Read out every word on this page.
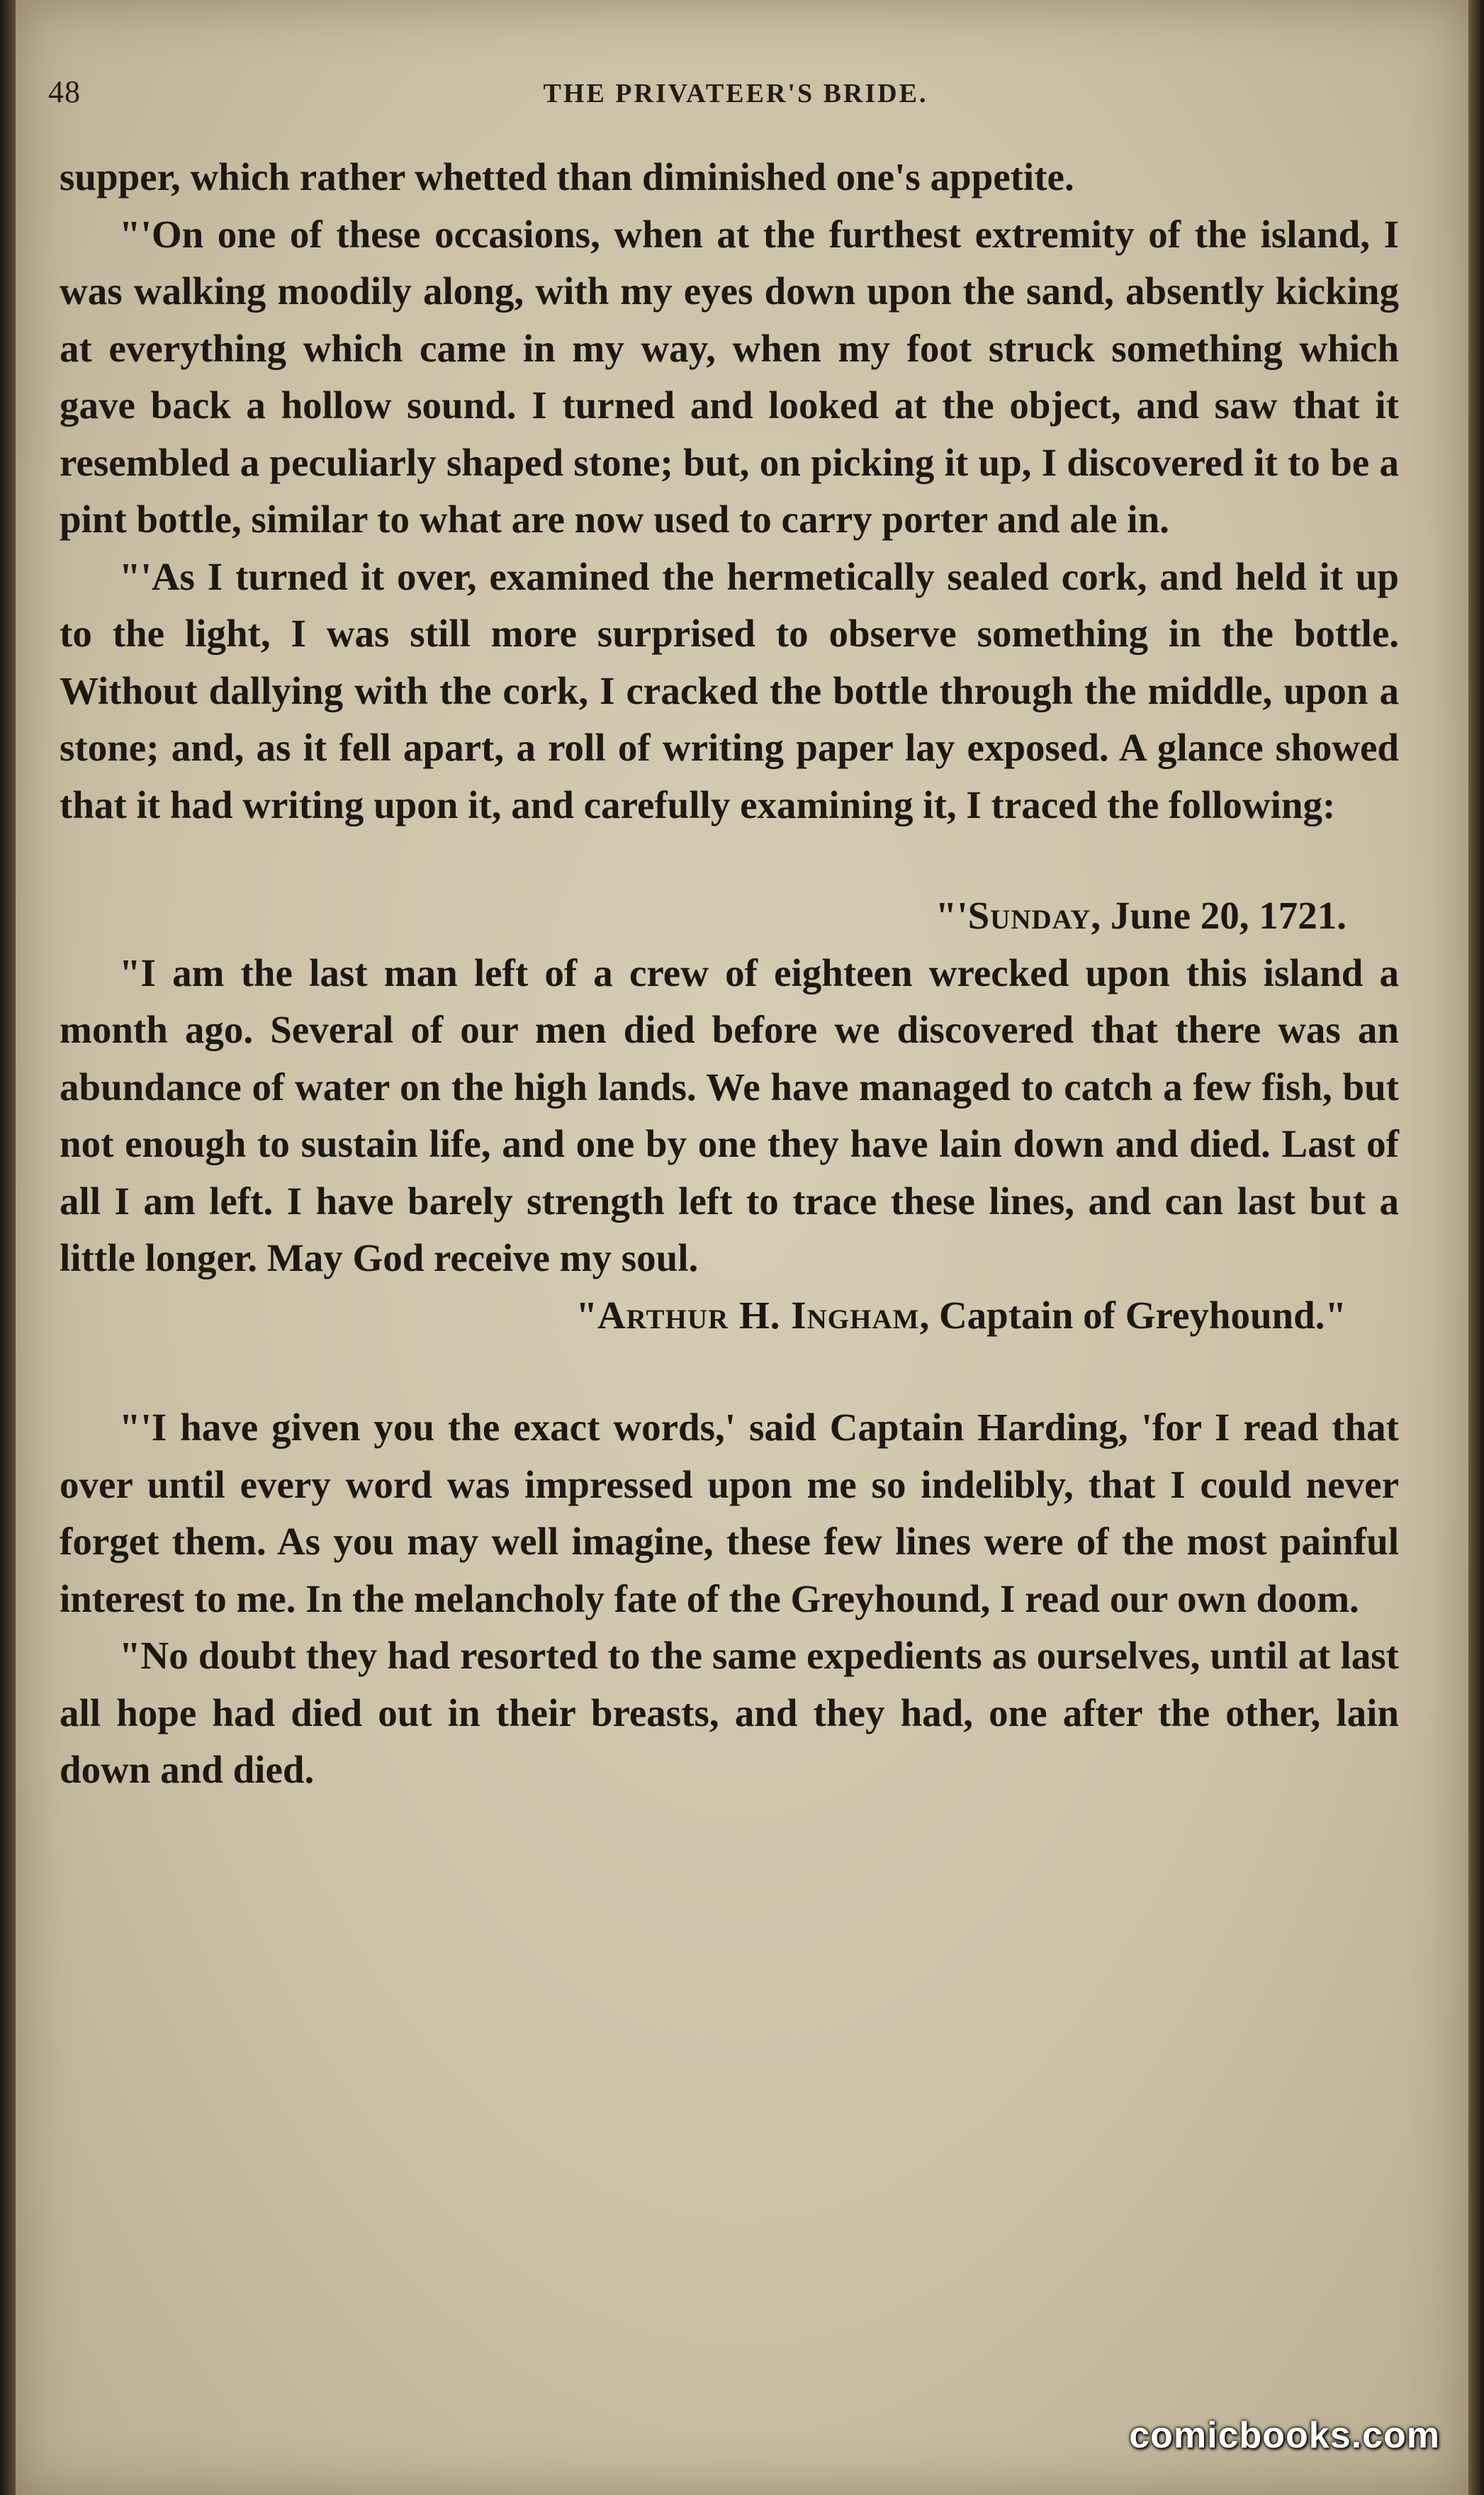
48	THE PRIVATEER'S BRIDE.

supper, which rather whetted than diminished one's appetite.

"'On one of these occasions, when at the furthest extremity of the island, I was walking moodily along, with my eyes down upon the sand, absently kicking at everything which came in my way, when my foot struck something which gave back a hollow sound. I turned and looked at the object, and saw that it resembled a peculiarly shaped stone; but, on picking it up, I discovered it to be a pint bottle, similar to what are now used to carry porter and ale in.

"'As I turned it over, examined the hermetically sealed cork, and held it up to the light, I was still more surprised to observe something in the bottle. Without dallying with the cork, I cracked the bottle through the middle, upon a stone; and, as it fell apart, a roll of writing paper lay exposed. A glance showed that it had writing upon it, and carefully examining it, I traced the following:

"'Sunday, June 20, 1721.

"I am the last man left of a crew of eighteen wrecked upon this island a month ago. Several of our men died before we discovered that there was an abundance of water on the high lands. We have managed to catch a few fish, but not enough to sustain life, and one by one they have lain down and died. Last of all I am left. I have barely strength left to trace these lines, and can last but a little longer. May God receive my soul.

"Arthur H. Ingham, Captain of Greyhound."

"'I have given you the exact words,' said Captain Harding, 'for I read that over until every word was impressed upon me so indelibly, that I could never forget them. As you may well imagine, these few lines were of the most painful interest to me. In the melancholy fate of the Greyhound, I read our own doom.

"No doubt they had resorted to the same expedients as ourselves, until at last all hope had died out in their breasts, and they had, one after the other, lain down and died.

comicbooks.com
